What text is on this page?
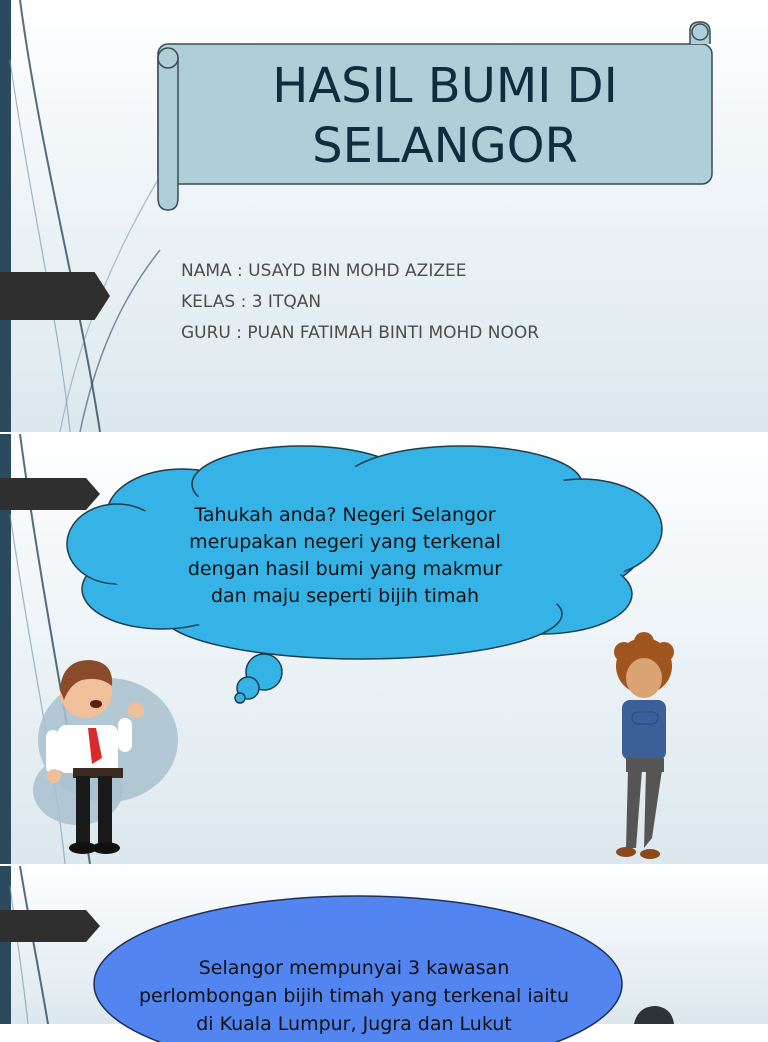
HASIL BUMI DI
SELANGOR
NAMA : USAYD BIN MOHD AZIZEE
KELAS : 3 ITQAN
GURU : PUAN FATIMAH BINTI MOHD NOOR
Tahukah anda? Negeri Selangor
merupakan negeri yang terkenal
dengan hasil bumi yang makmur
dan maju seperti bijih timah
Selangor mempunyai 3 kawasan
perlombongan bijih timah yang terkenal iaitu
di Kuala Lumpur, Jugra dan Lukut
